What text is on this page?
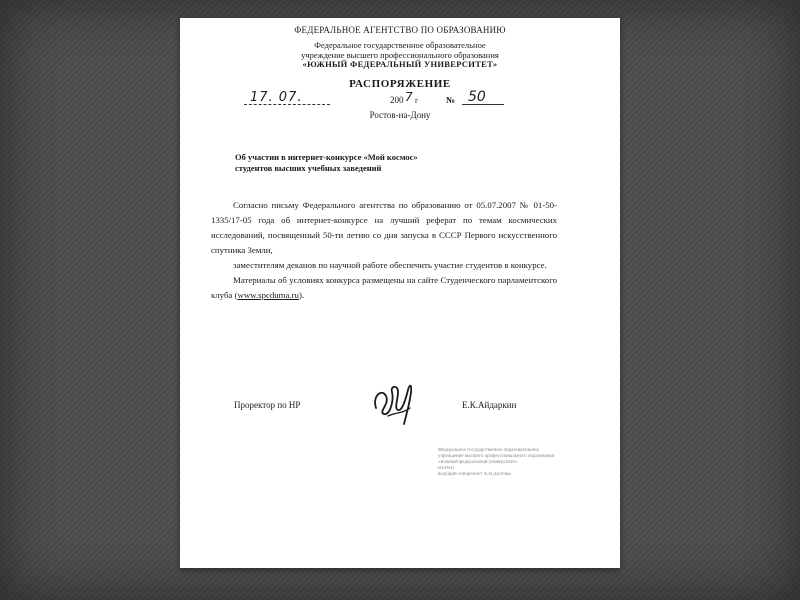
ФЕДЕРАЛЬНОЕ АГЕНТСТВО ПО ОБРАЗОВАНИЮ
Федеральное государственное образовательное
учреждение высшего профессионального образования
«ЮЖНЫЙ ФЕДЕРАЛЬНЫЙ УНИВЕРСИТЕТ»
РАСПОРЯЖЕНИЕ
17. 07.	200 7 г	№ 50
Ростов-на-Дону
Об участии в интернет-конкурсе «Мой космос»
студентов высших учебных заведений

Согласно письму Федерального агентства по образованию от 05.07.2007 № 01-50-1335/17-05 года об интернет-конкурсе на лучший реферат по темам космических исследований, посвященный 50-ти летию со дня запуска в СССР Первого искусственного спутника Земли,

заместителям деканов по научной работе обеспечить участие студентов в конкурсе.

Материалы об условиях конкурса размещены на сайте Студенческого парламентского клуба (www.spcduma.ru).

Проректор по НР	Е.К.Айдаркин
Федеральное государственное образовательное
учреждение высшего профессионального образования
«Южный федеральный университет»
ВЕРНО
ведущий специалист А.Н.Долгова
